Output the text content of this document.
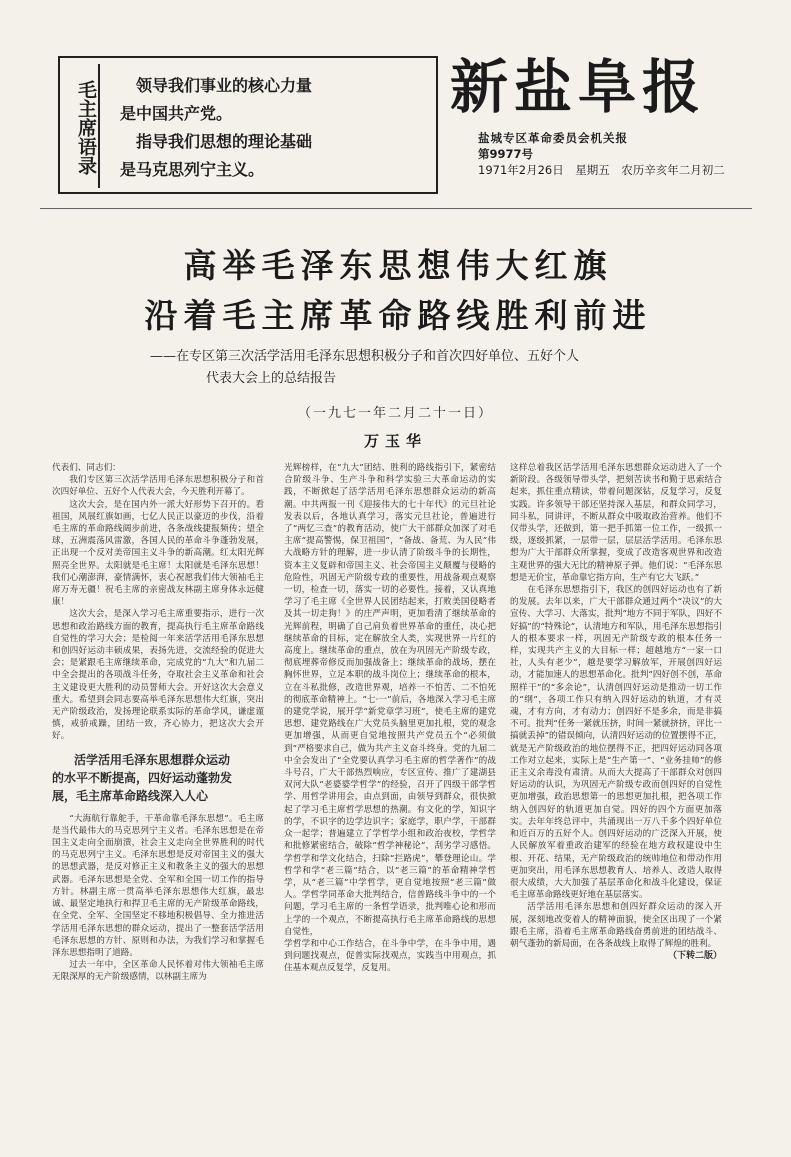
毛主席语录	领导我们事业的核心力量
是中国共产党。
指导我们思想的理论基础
是马克思列宁主义。
新盐阜报
盐城专区革命委员会机关报
第9977号
1971年2月26日　星期五　农历辛亥年二月初二
高举毛泽东思想伟大红旗
沿着毛主席革命路线胜利前进
——在专区第三次活学活用毛泽东思想积极分子和首次四好单位、五好个人
代表大会上的总结报告
（一九七一年二月二十一日）
万玉华

代表们、同志们：

我们专区第三次活学活用毛泽东思想积极分子和首次四好单位、五好个人代表大会，今天胜利开幕了。

这次大会，是在国内外一派大好形势下召开的。看祖国，风展红旗如画，七亿人民正以豪迈的步伐，沿着毛主席的革命路线阔步前进，各条战线捷报频传；望全球，五洲震荡风雷激，各国人民的革命斗争蓬勃发展，正出现一个反对美帝国主义斗争的新高潮。红太阳光辉照亮全世界。太阳就是毛主席！太阳就是毛泽东思想！我们心潮澎湃，豪情满怀，衷心祝愿我们伟大领袖毛主席万寿无疆！祝毛主席的亲密战友林副主席身体永远健康！

这次大会，是深入学习毛主席重要指示，进行一次思想和政治路线方面的教育，提高执行毛主席革命路线自觉性的学习大会；是检阅一年来活学活用毛泽东思想和创四好运动丰硕成果，表扬先进，交流经验的促进大会；是紧跟毛主席继续革命，完成党的“九大”和九届二中全会提出的各项战斗任务，夺取社会主义革命和社会主义建设更大胜利的动员誓师大会。开好这次大会意义重大。希望到会同志要高举毛泽东思想伟大红旗，突出无产阶级政治，发扬理论联系实际的革命学风，谦虚谨慎，戒骄戒躁，团结一致，齐心协力，把这次大会开好。

活学活用毛泽东思想群众运动
的水平不断提高，四好运动蓬勃发
展，毛主席革命路线深入人心

“大海航行靠舵手，干革命靠毛泽东思想”。毛主席是当代最伟大的马克思列宁主义者。毛泽东思想是在帝国主义走向全面崩溃，社会主义走向全世界胜利的时代的马克思列宁主义。毛泽东思想是反对帝国主义的强大的思想武器，是反对修正主义和教条主义的强大的思想武器。毛泽东思想是全党、全军和全国一切工作的指导方针。林副主席一贯高举毛泽东思想伟大红旗，最忠诚、最坚定地执行和捍卫毛主席的无产阶级革命路线，在全党、全军、全国坚定不移地积极倡导、全力推进活学活用毛泽东思想的群众运动，提出了一整套活学活用毛泽东思想的方针、原则和办法，为我们学习和掌握毛泽东思想指明了道路。

过去一年中，全区革命人民怀着对伟大领袖毛主席无限深厚的无产阶级感情，以林副主席为

光辉榜样，在“九大”团结、胜利的路线指引下，紧密结合阶级斗争、生产斗争和科学实验三大革命运动的实践，不断掀起了活学活用毛泽东思想群众运动的新高潮。中共两报一刊《迎接伟大的七十年代》的元旦社论发表以后，各地认真学习，落实元旦社论，普遍进行了“两忆三查”的教育活动，使广大干部群众加深了对毛主席“提高警惕，保卫祖国”，“备战、备荒、为人民”伟大战略方针的理解，进一步认清了阶级斗争的长期性，资本主义复辟和帝国主义、社会帝国主义颠覆与侵略的危险性，巩固无产阶级专政的重要性，用战备观点观察一切，检查一切，落实一切的必要性。接着，又认真地学习了毛主席《全世界人民团结起来，打败美国侵略者及其一切走狗！》的庄严声明，更加看清了继续革命的光辉前程，明确了自己肩负着世界革命的重任，决心把继续革命的目标，定在解放全人类，实现世界一片红的高度上。继续革命的重点，放在为巩固无产阶级专政，彻底埋葬帝修反而加强战备上；继续革命的战场，摆在胸怀世界，立足本职的战斗岗位上；继续革命的根本，立在斗私批修，改造世界观，培养一不怕苦、二不怕死的彻底革命精神上。“七·一”前后，各地深入学习毛主席的建党学说，展开学“新党章学习班”，使毛主席的建党思想、建党路线在广大党员头脑里更加扎根，党的观念更加增强，从而更自觉地按照共产党员五个“必须做到”严格要求自己，做为共产主义奋斗终身。党的九届二中全会发出了“全党要认真学习毛主席的哲学著作”的战斗号召，广大干部热烈响应，专区宣传、推广了建湖县双河大队“老婆婆学哲学”的经验，召开了四级干部学哲学、用哲学讲用会，由点到面，由领导到群众，很快掀起了学习毛主席哲学思想的热潮。有文化的学，知识字的学，不识字的边学边识字；家庭学，职户学，干部群众一起学；普遍建立了学哲学小组和政治夜校，学哲学和批修紧密结合，破除“哲学神秘论”，刮劣学习感悟。学哲学和学文化结合，扫除“拦路虎”，攀登理论山。学哲学和学“老三篇”结合，以“老三篇”的革命精神学哲学，从“老三篇”中学哲学，更自觉地按照“老三篇”做人。学哲学同革命大批判结合，信普路线斗争中的一个问题，学习毛主席的一条哲学语录，批判唯心论和形而上学的一个观点，不断提高执行毛主席革命路线的思想自觉性，

学哲学和中心工作结合，在斗争中学，在斗争中用，遇到问题找观点，促普实际找观点，实践当中用观点，抓住基本观点反复学，反复用。

这样总着我区活学活用毛泽东思想群众运动进入了一个新阶段。各级领导带头学，把刻苦读书和勤于思索结合起来，抓住重点精读，带着问题深钻，反复学习，反复实践。许多领导干部还坚持深入基层，和群众同学习，同斗私，同讲评，不断从群众中吸取政治营养。他们不仅带头学，还做到，第一把手抓第一位工作，一级抓一级，逐级抓紧，一层带一层，层层活学活用。毛泽东思想为广大干部群众所掌握，变成了改造客观世界和改造主观世界的强大无比的精神原子弹。他们说：“毛泽东思想是无价宝，革命靠它指方向，生产有它大飞跃。”

在毛泽东思想指引下，我区的创四好运动也有了新的发展。去年以来，广大干部群众通过两个“决议”的大宣传、大学习、大落实，批判“地方不同于军队，四好不好搞”的“特殊论”，认清地方和军队，用毛泽东思想指引人的根本要求一样，巩固无产阶级专政的根本任务一样，实现共产主义的大目标一样；超越地方“一家一口社，人头有老少”，越是要学习解放军，开展创四好运动，才能加速人的思想革命化。批判“四好创不创，革命照样干”的“多余论”，认清创四好运动是推动一切工作的“纲”，各项工作只有纳入四好运动的轨道，才有灵魂，才有方向，才有动力；创四好不是多余，而是非搞不可。批判“任务一紧就压挤，时间一紧就挤挤，评比一搞就丢掉”的错误倾向，认清四好运动的位置摆得不正，就是无产阶级政治的地位摆得不正，把四好运动同各项工作对立起来，实际上是“生产第一”、“业务挂帅”的修正主义余毒没有肃清。从而大大提高了干部群众对创四好运动的认识，为巩固无产阶级专政而创四好的自觉性更加增强，政治思想第一的思想更加扎根，把各项工作纳入创四好的轨道更加自觉。四好的四个方面更加落实。去年年终总评中，共涌现出一万八千多个四好单位和近百万的五好个人。创四好运动的广泛深入开展，使人民解放军着重政治建军的经验在地方政权建设中生根、开花、结果，无产阶级政治的统帅地位和带动作用更加突出，用毛泽东思想教育人、培养人、改造人取得很大成绩，大大加强了基层革命化和战斗化建设，保证毛主席革命路线更好地在基层落实。

活学活用毛泽东思想和创四好群众运动的深入开展，深刻地改变着人的精神面貌，使全区出现了一个紧跟毛主席，沿着毛主席革命路线奋勇前进的团结战斗、朝气蓬勃的新局面，在各条战线上取得了辉煌的胜利。

（下转二版）
